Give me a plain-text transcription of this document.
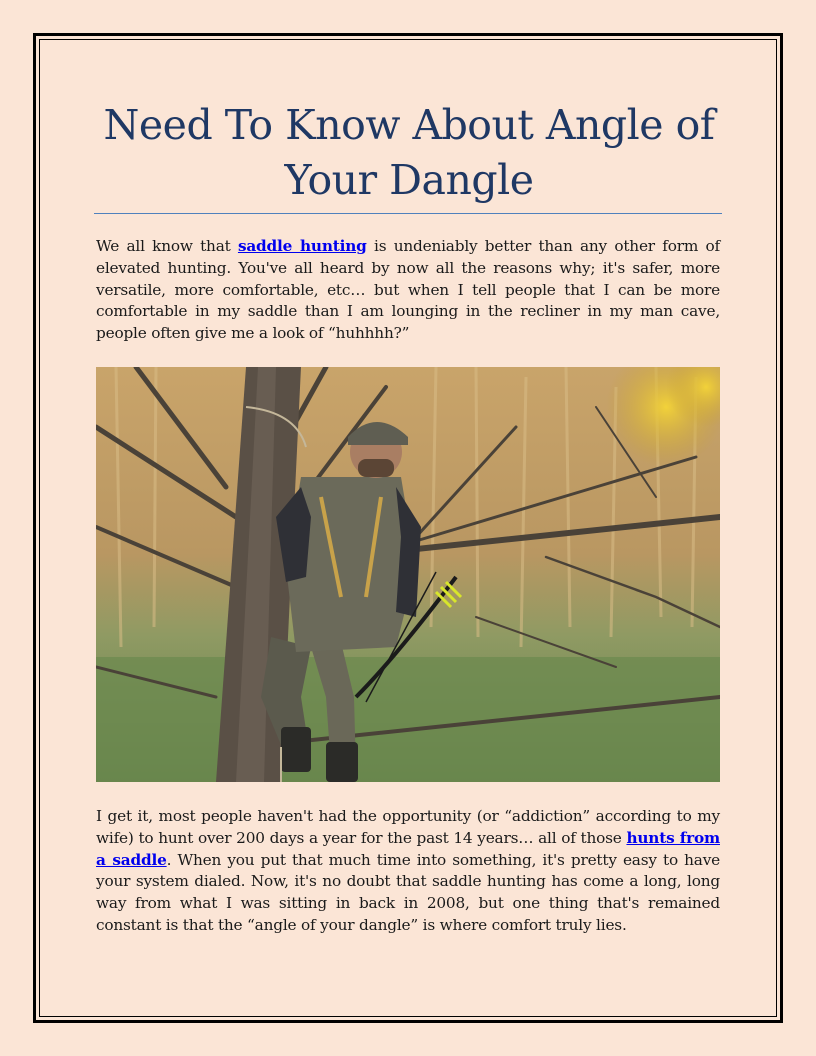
Need To Know About Angle of Your Dangle

We all know that saddle hunting is undeniably better than any other form of elevated hunting. You've all heard by now all the reasons why; it's safer, more versatile, more comfortable, etc… but when I tell people that I can be more comfortable in my saddle than I am lounging in the recliner in my man cave, people often give me a look of “huhhhh?”

I get it, most people haven't had the opportunity (or “addiction” according to my wife) to hunt over 200 days a year for the past 14 years… all of those hunts from a saddle. When you put that much time into something, it's pretty easy to have your system dialed. Now, it's no doubt that saddle hunting has come a long, long way from what I was sitting in back in 2008, but one thing that's remained constant is that the “angle of your dangle” is where comfort truly lies.
